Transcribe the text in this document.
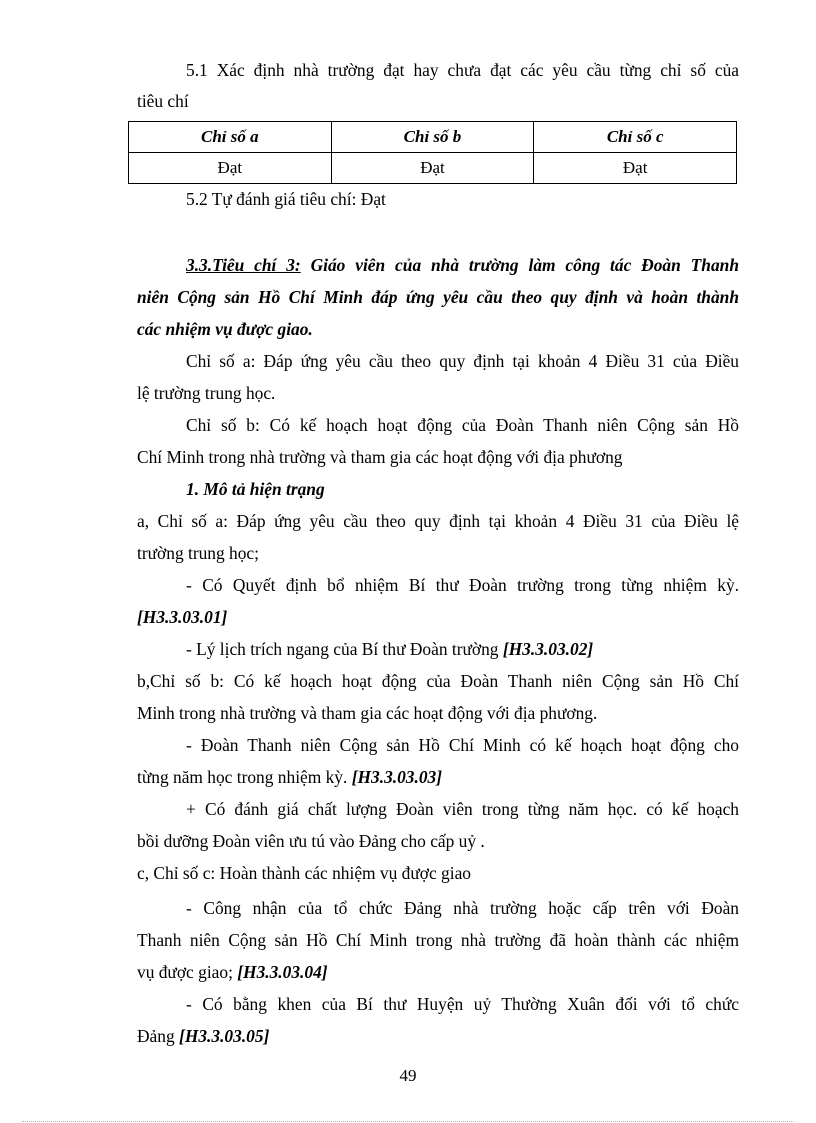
5.1 Xác định nhà trường đạt hay chưa đạt các yêu cầu từng chỉ số của
tiêu chí
Chỉ số a	Chỉ số b	Chỉ số c
Đạt	Đạt	Đạt
5.2 Tự đánh giá tiêu chí: Đạt
3.3.Tiêu chí 3: Giáo viên của nhà trường làm công tác Đoàn Thanh
niên Cộng sản Hồ Chí Minh đáp ứng yêu cầu theo quy định và hoàn thành
các nhiệm vụ được giao.
Chỉ số a: Đáp ứng yêu cầu theo quy định tại khoản 4 Điều 31 của Điều
lệ trường trung học.
Chỉ số b: Có kế hoạch hoạt động của Đoàn Thanh niên Cộng sản Hồ
Chí Minh trong nhà trường và tham gia các hoạt động với địa phương
1. Mô tả hiện trạng
a, Chỉ số a: Đáp ứng yêu cầu theo quy định tại khoản 4 Điều 31 của Điều lệ
trường trung học;
- Có Quyết định bổ nhiệm Bí thư Đoàn trường trong từng nhiệm kỳ.
[H3.3.03.01]
- Lý lịch trích ngang của Bí thư Đoàn trường [H3.3.03.02]
b,Chỉ số b: Có kế hoạch hoạt động của Đoàn Thanh niên Cộng sản Hồ Chí
Minh trong nhà trường và tham gia các hoạt động với địa phương.
- Đoàn Thanh niên Cộng sản Hồ Chí Minh có kế hoạch hoạt động cho
từng năm học trong nhiệm kỳ. [H3.3.03.03]
+ Có đánh giá chất lượng Đoàn viên trong từng năm học. có kế hoạch
bồi dưỡng Đoàn viên ưu tú vào Đảng cho cấp uỷ .
c, Chỉ số c: Hoàn thành các nhiệm vụ được giao
- Công nhận của tổ chức Đảng nhà trường hoặc cấp trên với Đoàn
Thanh niên Cộng sản Hồ Chí Minh trong nhà trường đã hoàn thành các nhiệm
vụ được giao; [H3.3.03.04]
- Có bằng khen của Bí thư Huyện uỷ Thường Xuân đối với tổ chức
Đảng [H3.3.03.05]
49
